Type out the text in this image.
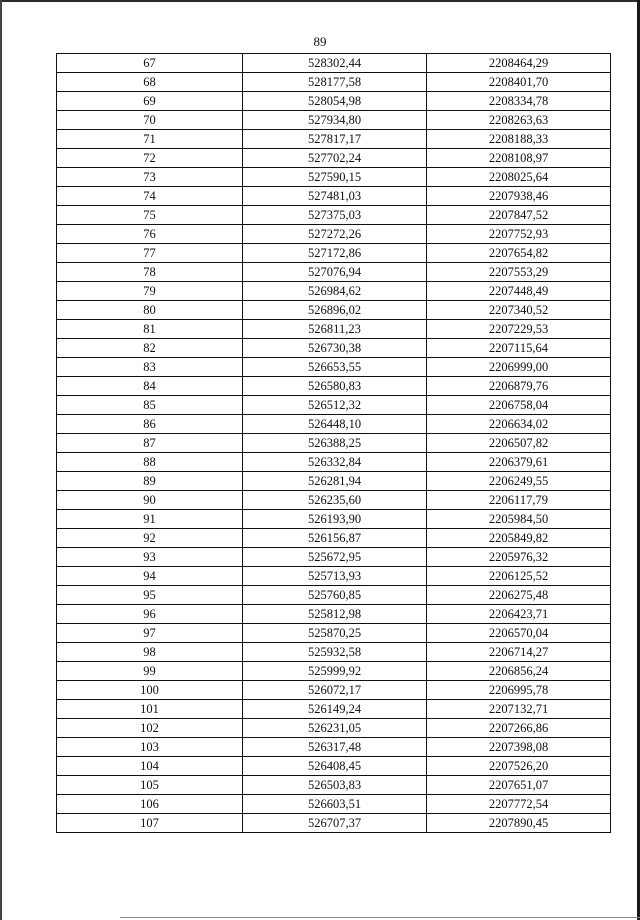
89
67	528302,44	2208464,29
68	528177,58	2208401,70
69	528054,98	2208334,78
70	527934,80	2208263,63
71	527817,17	2208188,33
72	527702,24	2208108,97
73	527590,15	2208025,64
74	527481,03	2207938,46
75	527375,03	2207847,52
76	527272,26	2207752,93
77	527172,86	2207654,82
78	527076,94	2207553,29
79	526984,62	2207448,49
80	526896,02	2207340,52
81	526811,23	2207229,53
82	526730,38	2207115,64
83	526653,55	2206999,00
84	526580,83	2206879,76
85	526512,32	2206758,04
86	526448,10	2206634,02
87	526388,25	2206507,82
88	526332,84	2206379,61
89	526281,94	2206249,55
90	526235,60	2206117,79
91	526193,90	2205984,50
92	526156,87	2205849,82
93	525672,95	2205976,32
94	525713,93	2206125,52
95	525760,85	2206275,48
96	525812,98	2206423,71
97	525870,25	2206570,04
98	525932,58	2206714,27
99	525999,92	2206856,24
100	526072,17	2206995,78
101	526149,24	2207132,71
102	526231,05	2207266,86
103	526317,48	2207398,08
104	526408,45	2207526,20
105	526503,83	2207651,07
106	526603,51	2207772,54
107	526707,37	2207890,45
